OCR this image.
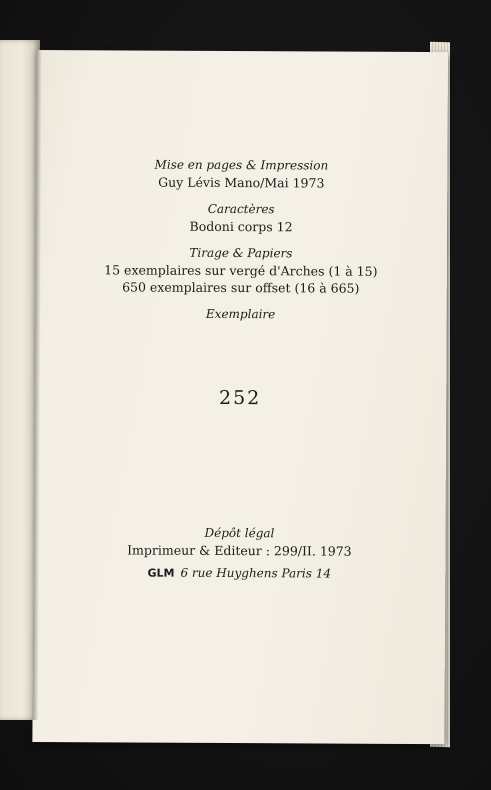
Mise en pages & Impression
Guy Lévis Mano/Mai 1973
Caractères
Bodoni corps 12
Tirage & Papiers
15 exemplaires sur vergé d'Arches (1 à 15)
650 exemplaires sur offset (16 à 665)
Exemplaire
252
Dépôt légal
Imprimeur & Editeur : 299/II. 1973
GLM 6 rue Huyghens Paris 14
